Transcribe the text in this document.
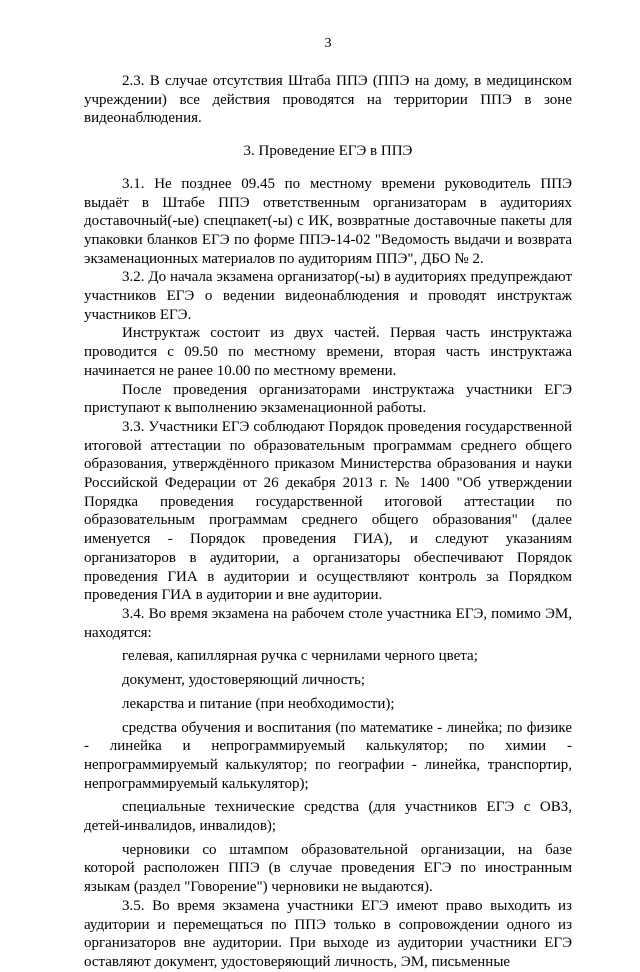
3

2.3. В случае отсутствия Штаба ППЭ (ППЭ на дому, в медицинском учреждении) все действия проводятся на территории ППЭ в зоне видеонаблюдения.

3. Проведение ЕГЭ в ППЭ

3.1. Не позднее 09.45 по местному времени руководитель ППЭ выдаёт в Штабе ППЭ ответственным организаторам в аудиториях доставочный(-ые) спецпакет(-ы) с ИК, возвратные доставочные пакеты для упаковки бланков ЕГЭ по форме ППЭ-14-02 "Ведомость выдачи и возврата экзаменационных материалов по аудиториям ППЭ", ДБО № 2.

3.2. До начала экзамена организатор(-ы) в аудиториях предупреждают участников ЕГЭ о ведении видеонаблюдения и проводят инструктаж участников ЕГЭ.

Инструктаж состоит из двух частей. Первая часть инструктажа проводится с 09.50 по местному времени, вторая часть инструктажа начинается не ранее 10.00 по местному времени.

После проведения организаторами инструктажа участники ЕГЭ приступают к выполнению экзаменационной работы.

3.3. Участники ЕГЭ соблюдают Порядок проведения государственной итоговой аттестации по образовательным программам среднего общего образования, утверждённого приказом Министерства образования и науки Российской Федерации от 26 декабря 2013 г. № 1400 "Об утверждении Порядка проведения государственной итоговой аттестации по образовательным программам среднего общего образования" (далее именуется - Порядок проведения ГИА), и следуют указаниям организаторов в аудитории, а организаторы обеспечивают Порядок проведения ГИА в аудитории и осуществляют контроль за Порядком проведения ГИА в аудитории и вне аудитории.

3.4. Во время экзамена на рабочем столе участника ЕГЭ, помимо ЭМ, находятся:

гелевая, капиллярная ручка с чернилами черного цвета;

документ, удостоверяющий личность;

лекарства и питание (при необходимости);

средства обучения и воспитания (по математике - линейка; по физике - линейка и непрограммируемый калькулятор; по химии - непрограммируемый калькулятор; по географии - линейка, транспортир, непрограммируемый калькулятор);

специальные технические средства (для участников ЕГЭ с ОВЗ, детей-инвалидов, инвалидов);

черновики со штампом образовательной организации, на базе которой расположен ППЭ (в случае проведения ЕГЭ по иностранным языкам (раздел "Говорение") черновики не выдаются).

3.5. Во время экзамена участники ЕГЭ имеют право выходить из аудитории и перемещаться по ППЭ только в сопровождении одного из организаторов вне аудитории. При выходе из аудитории участники ЕГЭ оставляют документ, удостоверяющий личность, ЭМ, письменные
